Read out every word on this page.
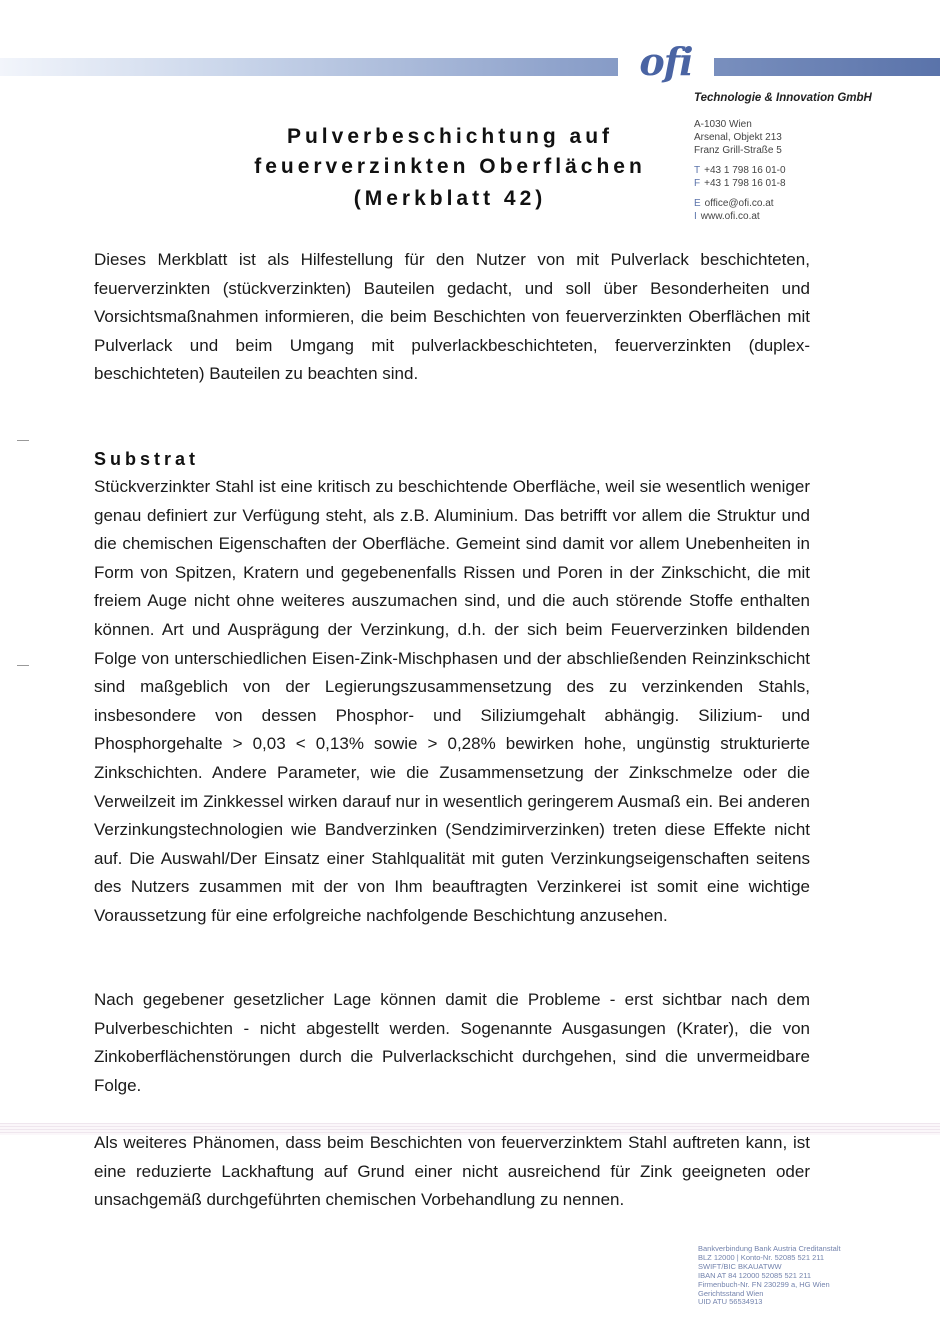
ofi
Technologie & Innovation GmbH
A-1030 Wien
Arsenal, Objekt 213
Franz Grill-Straße 5
T +43 1 798 16 01-0
F +43 1 798 16 01-8
E office@ofi.co.at
I www.ofi.co.at
Pulverbeschichtung auf
feuerverzinkten Oberflächen
(Merkblatt 42)
Dieses Merkblatt ist als Hilfestellung für den Nutzer von mit Pulverlack beschichteten, feuerverzinkten (stückverzinkten) Bauteilen gedacht, und soll über Besonderheiten und Vorsichtsmaßnahmen informieren, die beim Beschichten von feuerverzinkten Oberflächen mit Pulverlack und beim Umgang mit pulverlackbeschichteten, feuerverzinkten (duplex-beschichteten) Bauteilen zu beachten sind.
Substrat
Stückverzinkter Stahl ist eine kritisch zu beschichtende Oberfläche, weil sie wesentlich weniger genau definiert zur Verfügung steht, als z.B. Aluminium. Das betrifft vor allem die Struktur und die chemischen Eigenschaften der Oberfläche. Gemeint sind damit vor allem Unebenheiten in Form von Spitzen, Kratern und gegebenenfalls Rissen und Poren in der Zinkschicht, die mit freiem Auge nicht ohne weiteres auszumachen sind, und die auch störende Stoffe enthalten können. Art und Ausprägung der Verzinkung, d.h. der sich beim Feuerverzinken bildenden Folge von unterschiedlichen Eisen-Zink-Mischphasen und der abschließenden Reinzinkschicht sind maßgeblich von der Legierungszusammensetzung des zu verzinkenden Stahls, insbesondere von dessen Phosphor- und Siliziumgehalt abhängig. Silizium- und Phosphorgehalte > 0,03 < 0,13% sowie > 0,28% bewirken hohe, ungünstig strukturierte Zinkschichten. Andere Parameter, wie die Zusammensetzung der Zinkschmelze oder die Verweilzeit im Zinkkessel wirken darauf nur in wesentlich geringerem Ausmaß ein. Bei anderen Verzinkungstechnologien wie Bandverzinken (Sendzimirverzinken) treten diese Effekte nicht auf. Die Auswahl/Der Einsatz einer Stahlqualität mit guten Verzinkungseigenschaften seitens des Nutzers zusammen mit der von Ihm beauftragten Verzinkerei ist somit eine wichtige Voraussetzung für eine erfolgreiche nachfolgende Beschichtung anzusehen.
Nach gegebener gesetzlicher Lage können damit die Probleme - erst sichtbar nach dem Pulverbeschichten - nicht abgestellt werden. Sogenannte Ausgasungen (Krater), die von Zinkoberflächenstörungen durch die Pulverlackschicht durchgehen, sind die unvermeidbare Folge.
Als weiteres Phänomen, dass beim Beschichten von feuerverzinktem Stahl auftreten kann, ist eine reduzierte Lackhaftung auf Grund einer nicht ausreichend für Zink geeigneten oder unsachgemäß durchgeführten chemischen Vorbehandlung zu nennen.
Bankverbindung Bank Austria Creditanstalt
BLZ 12000 | Konto-Nr. 52085 521 211
SWIFT/BIC BKAUATWW
IBAN AT 84 12000 52085 521 211
Firmenbuch-Nr. FN 230299 a, HG Wien
Gerichtsstand Wien
UID ATU 56534913
